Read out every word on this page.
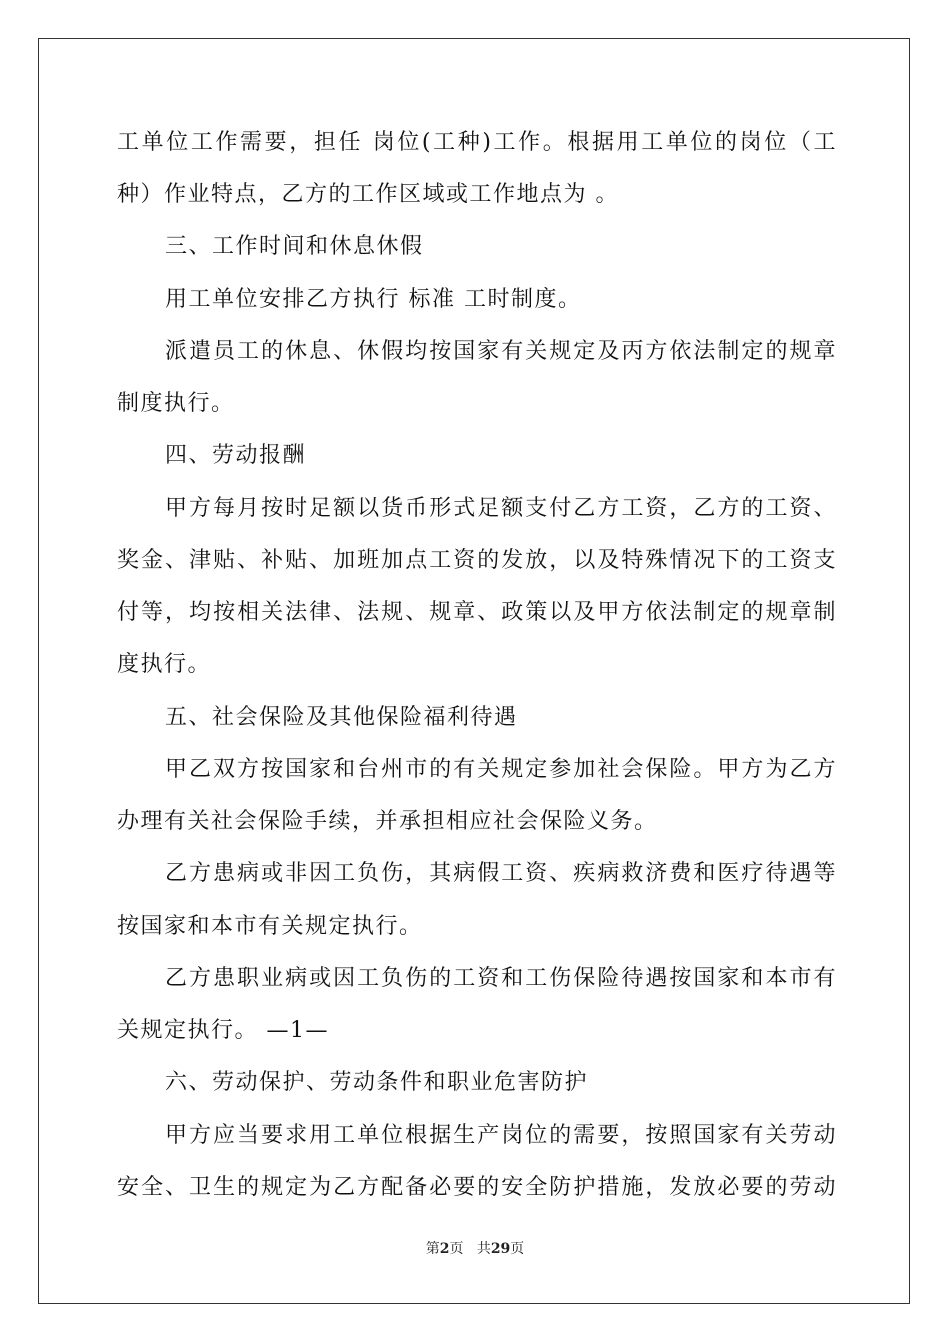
工单位工作需要，担任 岗位(工种)工作。根据用工单位的岗位（工
种）作业特点，乙方的工作区域或工作地点为 。
三、工作时间和休息休假
用工单位安排乙方执行 标准 工时制度。
派遣员工的休息、休假均按国家有关规定及丙方依法制定的规章
制度执行。
四、劳动报酬
甲方每月按时足额以货币形式足额支付乙方工资，乙方的工资、
奖金、津贴、补贴、加班加点工资的发放，以及特殊情况下的工资支
付等，均按相关法律、法规、规章、政策以及甲方依法制定的规章制
度执行。
五、社会保险及其他保险福利待遇
甲乙双方按国家和台州市的有关规定参加社会保险。甲方为乙方
办理有关社会保险手续，并承担相应社会保险义务。
乙方患病或非因工负伤，其病假工资、疾病救济费和医疗待遇等
按国家和本市有关规定执行。
乙方患职业病或因工负伤的工资和工伤保险待遇按国家和本市有
关规定执行。 —1—
六、劳动保护、劳动条件和职业危害防护
甲方应当要求用工单位根据生产岗位的需要，按照国家有关劳动
安全、卫生的规定为乙方配备必要的安全防护措施，发放必要的劳动
第2页 共29页
